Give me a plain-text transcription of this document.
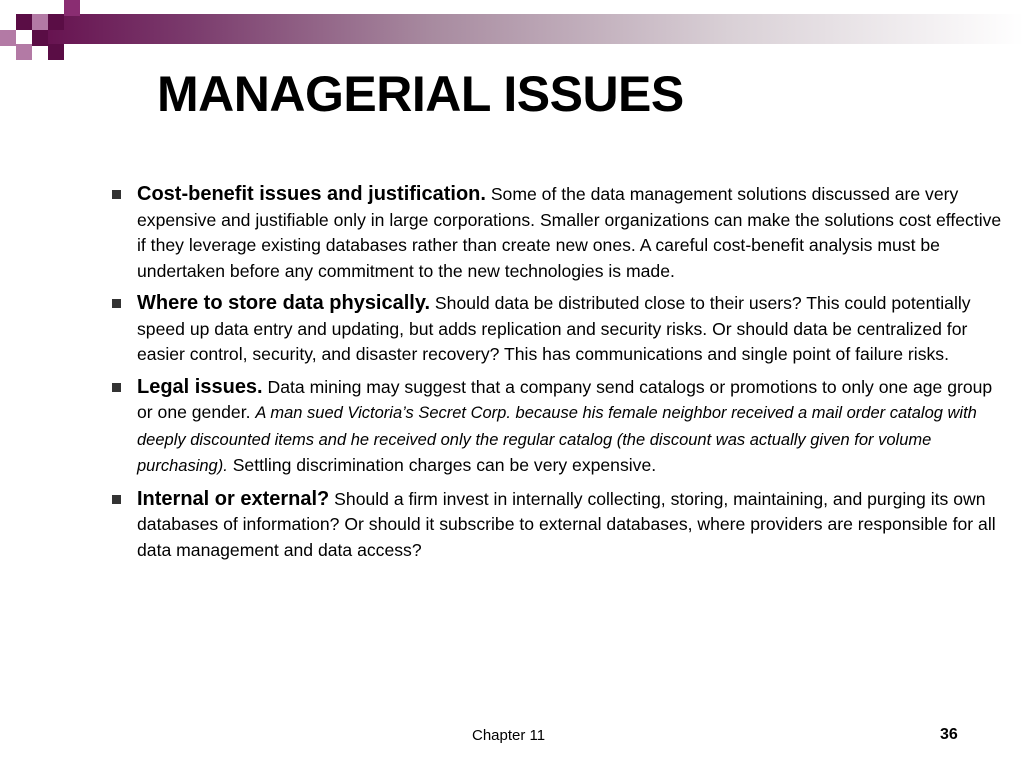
MANAGERIAL ISSUES
Cost-benefit issues and justification. Some of the data management solutions discussed are very expensive and justifiable only in large corporations. Smaller organizations can make the solutions cost effective if they leverage existing databases rather than create new ones. A careful cost-benefit analysis must be undertaken before any commitment to the new technologies is made.
Where to store data physically. Should data be distributed close to their users? This could potentially speed up data entry and updating, but adds replication and security risks. Or should data be centralized for easier control, security, and disaster recovery? This has communications and single point of failure risks.
Legal issues. Data mining may suggest that a company send catalogs or promotions to only one age group or one gender. A man sued Victoria’s Secret Corp. because his female neighbor received a mail order catalog with deeply discounted items and he received only the regular catalog (the discount was actually given for volume purchasing). Settling discrimination charges can be very expensive.
Internal or external? Should a firm invest in internally collecting, storing, maintaining, and purging its own databases of information? Or should it subscribe to external databases, where providers are responsible for all data management and data access?
Chapter 11	36
